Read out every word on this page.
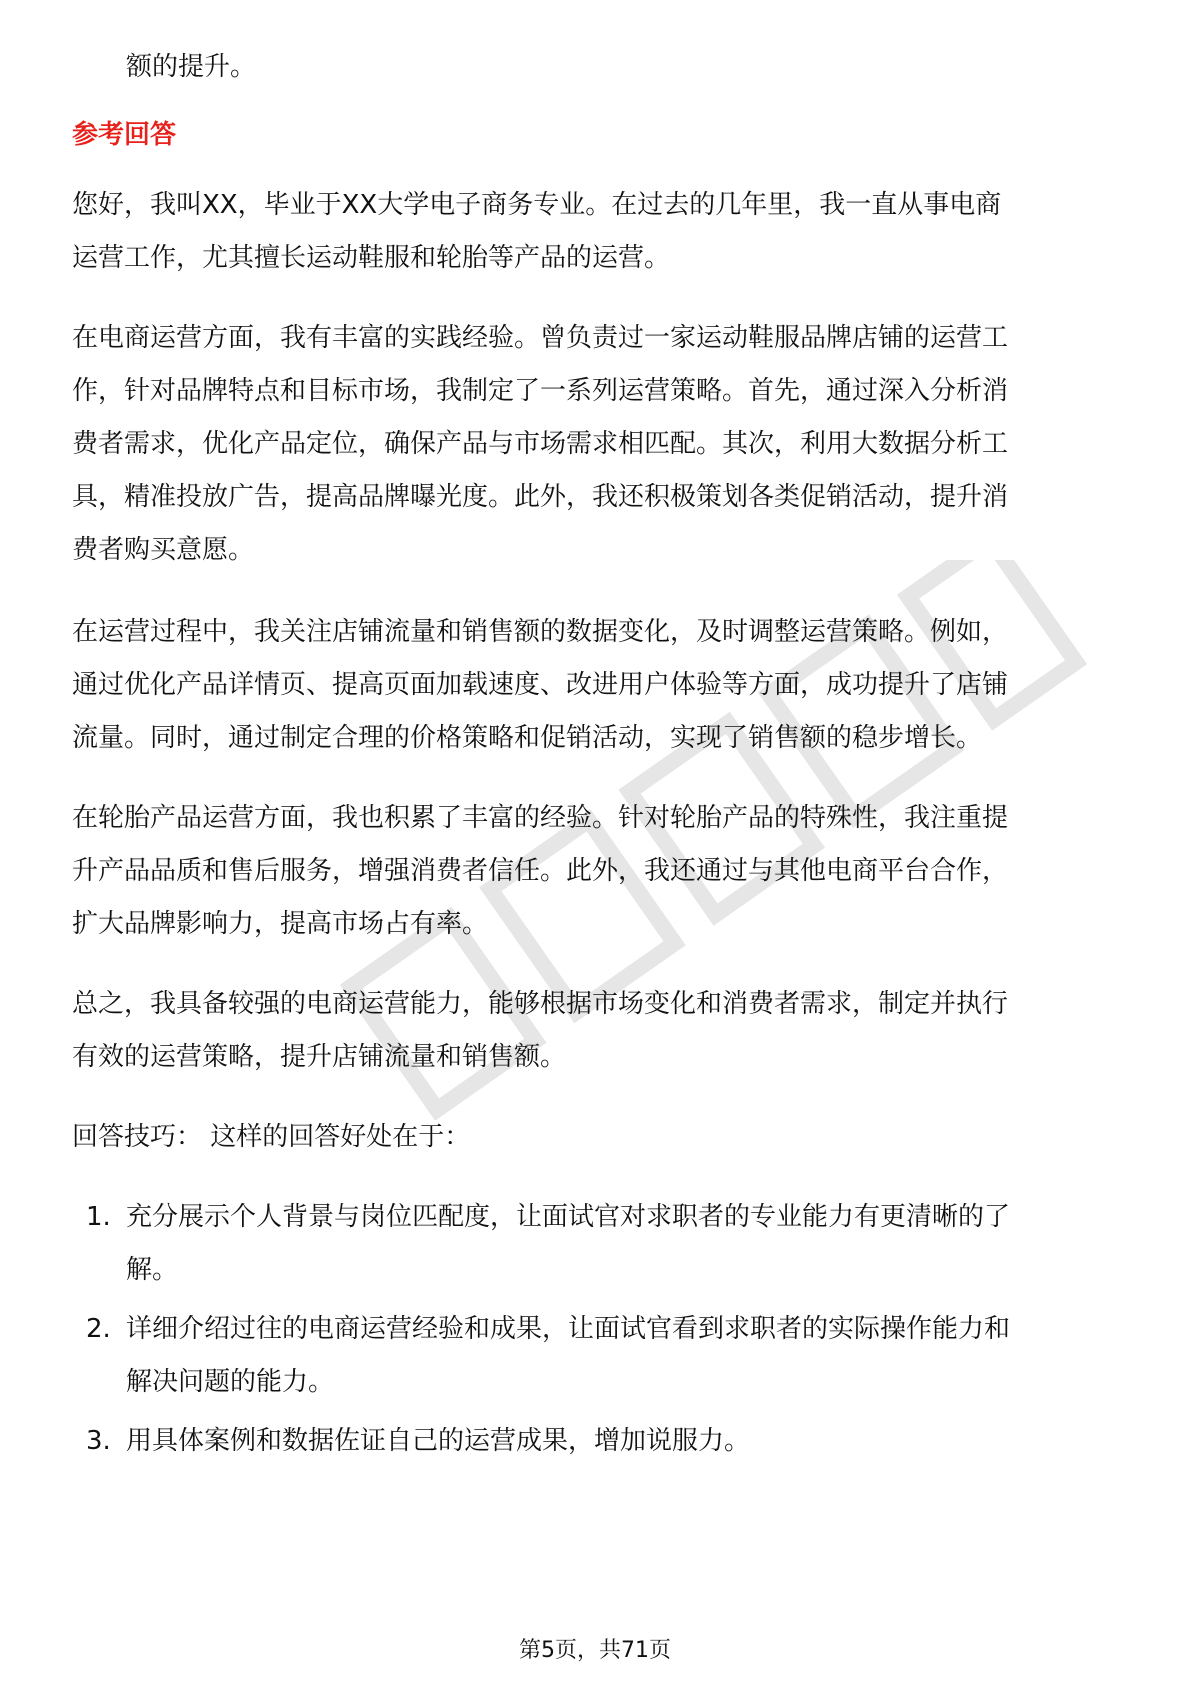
额的提升。
参考回答
您好，我叫XX，毕业于XX大学电子商务专业。在过去的几年里，我一直从事电商
运营工作，尤其擅长运动鞋服和轮胎等产品的运营。
在电商运营方面，我有丰富的实践经验。曾负责过一家运动鞋服品牌店铺的运营工
作，针对品牌特点和目标市场，我制定了一系列运营策略。首先，通过深入分析消
费者需求，优化产品定位，确保产品与市场需求相匹配。其次，利用大数据分析工
具，精准投放广告，提高品牌曝光度。此外，我还积极策划各类促销活动，提升消
费者购买意愿。
在运营过程中，我关注店铺流量和销售额的数据变化，及时调整运营策略。例如，
通过优化产品详情页、提高页面加载速度、改进用户体验等方面，成功提升了店铺
流量。同时，通过制定合理的价格策略和促销活动，实现了销售额的稳步增长。
在轮胎产品运营方面，我也积累了丰富的经验。针对轮胎产品的特殊性，我注重提
升产品品质和售后服务，增强消费者信任。此外，我还通过与其他电商平台合作，
扩大品牌影响力，提高市场占有率。
总之，我具备较强的电商运营能力，能够根据市场变化和消费者需求，制定并执行
有效的运营策略，提升店铺流量和销售额。
回答技巧： 这样的回答好处在于：
1. 充分展示个人背景与岗位匹配度，让面试官对求职者的专业能力有更清晰的了
解。
2. 详细介绍过往的电商运营经验和成果，让面试官看到求职者的实际操作能力和
解决问题的能力。
3. 用具体案例和数据佐证自己的运营成果，增加说服力。
第5页，共71页
